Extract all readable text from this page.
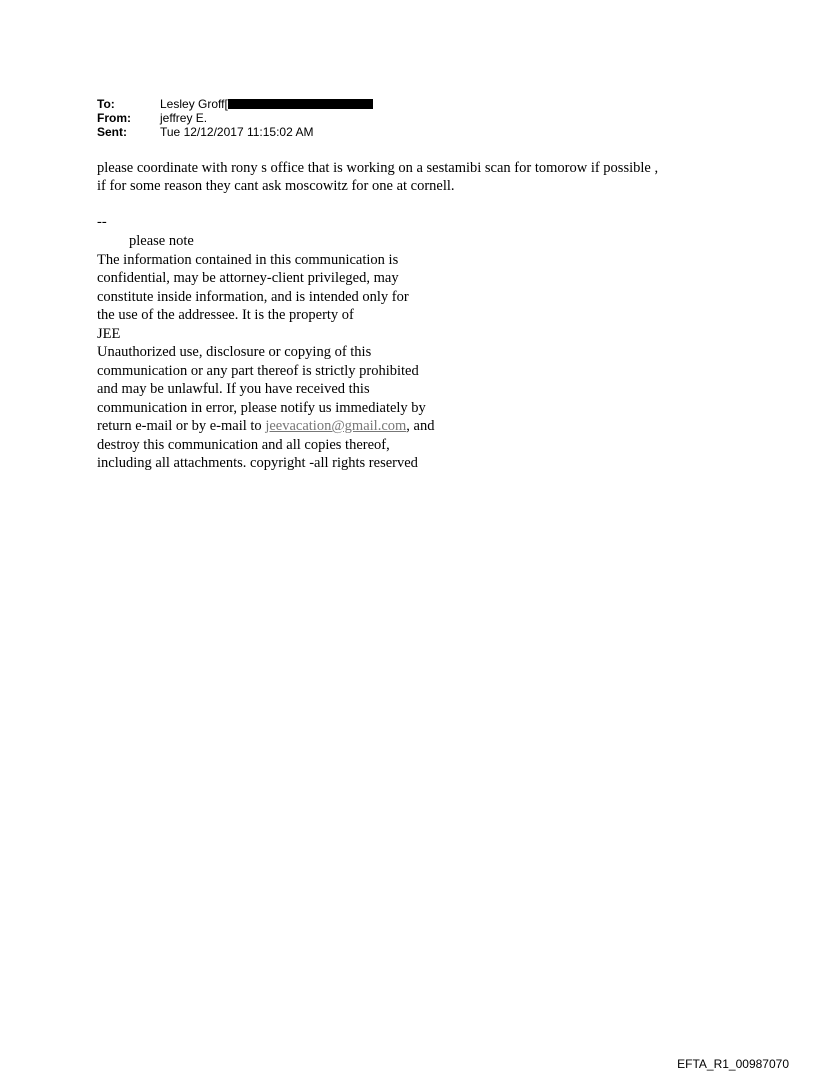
To:	Lesley Groff[
From:	jeffrey E.
Sent:	Tue 12/12/2017 11:15:02 AM
please coordinate with rony s office that is working on a sestamibi scan for tomorow if possible ,
if for some reason they cant ask moscowitz for one at cornell.
--
please note
The information contained in this communication is
confidential, may be attorney-client privileged, may
constitute inside information, and is intended only for
the use of the addressee. It is the property of
JEE
Unauthorized use, disclosure or copying of this
communication or any part thereof is strictly prohibited
and may be unlawful. If you have received this
communication in error, please notify us immediately by
return e-mail or by e-mail to jeevacation@gmail.com, and
destroy this communication and all copies thereof,
including all attachments. copyright -all rights reserved
EFTA_R1_00987070
